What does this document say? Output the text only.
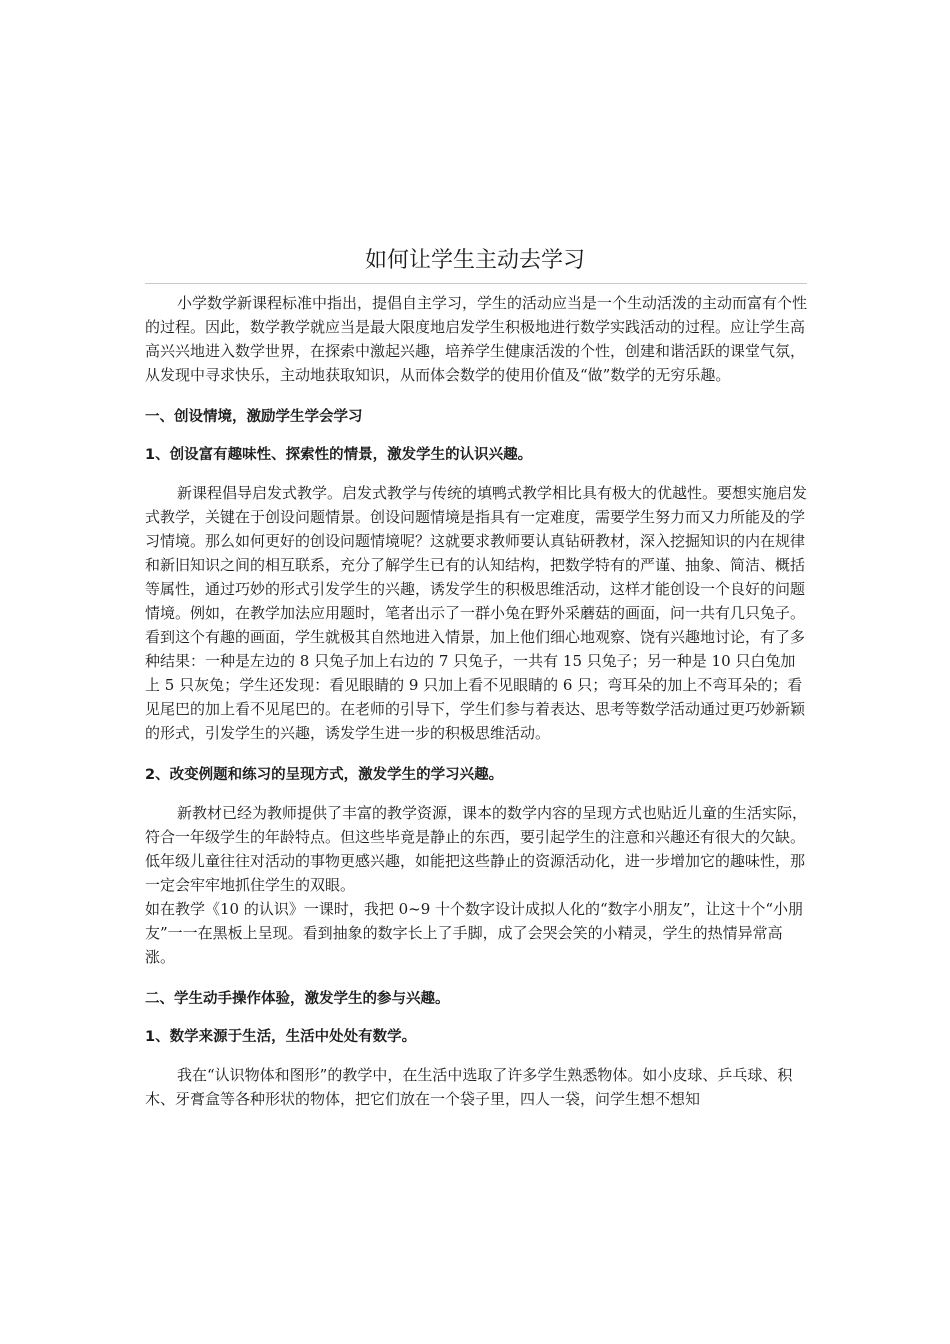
如何让学生主动去学习

小学数学新课程标准中指出，提倡自主学习，学生的活动应当是一个生动活泼的主动而富有个性的过程。因此，数学教学就应当是最大限度地启发学生积极地进行数学实践活动的过程。应让学生高高兴兴地进入数学世界，在探索中激起兴趣，培养学生健康活泼的个性，创建和谐活跃的课堂气氛，从发现中寻求快乐，主动地获取知识，从而体会数学的使用价值及“做”数学的无穷乐趣。

一、创设情境，激励学生学会学习

1、创设富有趣味性、探索性的情景，激发学生的认识兴趣。

新课程倡导启发式教学。启发式教学与传统的填鸭式教学相比具有极大的优越性。要想实施启发式教学，关键在于创设问题情景。创设问题情境是指具有一定难度，需要学生努力而又力所能及的学习情境。那么如何更好的创设问题情境呢？这就要求教师要认真钻研教材，深入挖掘知识的内在规律和新旧知识之间的相互联系，充分了解学生已有的认知结构，把数学特有的严谨、抽象、简洁、概括等属性，通过巧妙的形式引发学生的兴趣，诱发学生的积极思维活动，这样才能创设一个良好的问题情境。例如，在教学加法应用题时，笔者出示了一群小兔在野外采蘑菇的画面，问一共有几只兔子。看到这个有趣的画面，学生就极其自然地进入情景，加上他们细心地观察、饶有兴趣地讨论，有了多种结果：一种是左边的 8 只兔子加上右边的 7 只兔子，一共有 15 只兔子；另一种是 10 只白兔加上 5 只灰兔；学生还发现：看见眼睛的 9 只加上看不见眼睛的 6 只；弯耳朵的加上不弯耳朵的；看见尾巴的加上看不见尾巴的。在老师的引导下，学生们参与着表达、思考等数学活动通过更巧妙新颖的形式，引发学生的兴趣，诱发学生进一步的积极思维活动。

2、改变例题和练习的呈现方式，激发学生的学习兴趣。

新教材已经为教师提供了丰富的教学资源，课本的数学内容的呈现方式也贴近儿童的生活实际，符合一年级学生的年龄特点。但这些毕竟是静止的东西，要引起学生的注意和兴趣还有很大的欠缺。低年级儿童往往对活动的事物更感兴趣，如能把这些静止的资源活动化，进一步增加它的趣味性，那一定会牢牢地抓住学生的双眼。

如在教学《10 的认识》一课时，我把 0~9 十个数字设计成拟人化的“数字小朋友”，让这十个“小朋友”一一在黑板上呈现。看到抽象的数字长上了手脚，成了会哭会笑的小精灵，学生的热情异常高涨。

二、学生动手操作体验，激发学生的参与兴趣。

1、数学来源于生活，生活中处处有数学。

我在“认识物体和图形”的教学中，在生活中选取了许多学生熟悉物体。如小皮球、乒乓球、积木、牙膏盒等各种形状的物体，把它们放在一个袋子里，四人一袋，问学生想不想知
